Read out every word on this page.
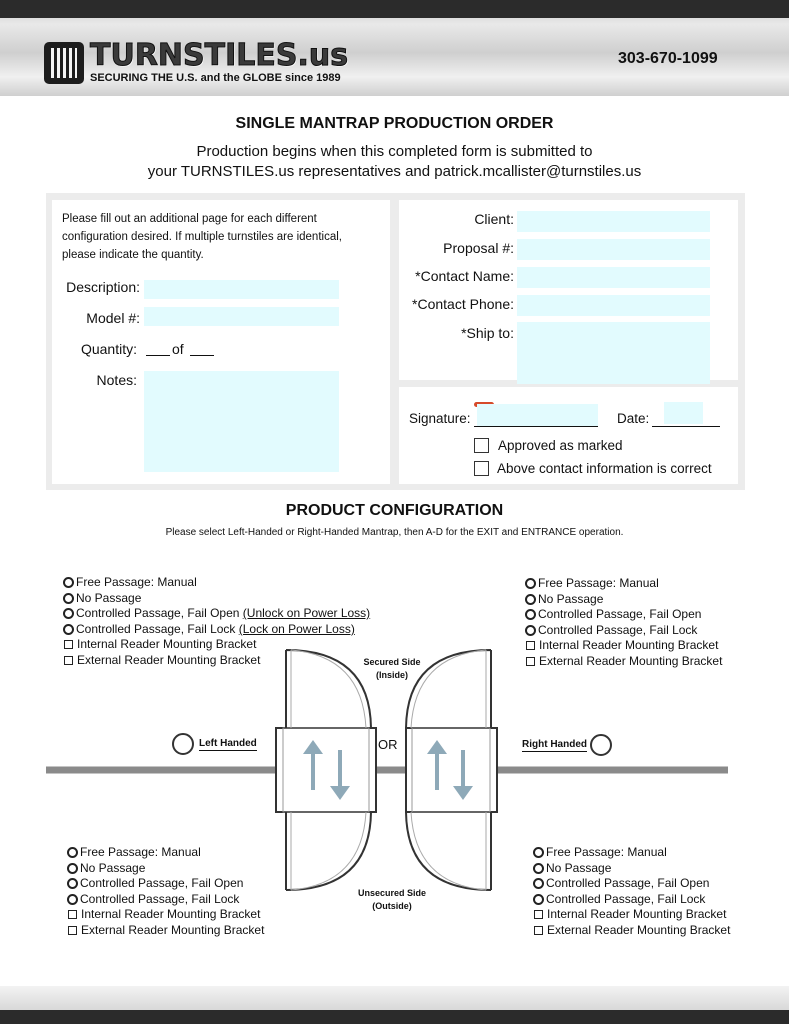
TURNSTILES.us
SECURING THE U.S. and the GLOBE since 1989
303-670-1099
SINGLE MANTRAP PRODUCTION ORDER
Production begins when this completed form is submitted to
your TURNSTILES.us representatives and patrick.mcallister@turnstiles.us
Please fill out an additional page for each different configuration desired. If multiple turnstiles are identical, please indicate the quantity.
Description:
Model #:
Quantity:	of
Notes:
Client:
Proposal #:
*Contact Name:
*Contact Phone:
*Ship to:
Signature:	Date:
Approved as marked
Above contact information is correct
PRODUCT CONFIGURATION
Please select Left-Handed or Right-Handed Mantrap, then A-D for the EXIT and ENTRANCE operation.
Free Passage: Manual
No Passage
Controlled Passage, Fail Open
(Unlock on Power Loss)
Controlled Passage, Fail Lock
(Lock on Power Loss)
Internal Reader Mounting Bracket
External Reader Mounting Bracket
Free Passage: Manual
No Passage
Controlled Passage, Fail Open
Controlled Passage, Fail Lock
Internal Reader Mounting Bracket
External Reader Mounting Bracket
Free Passage: Manual
No Passage
Controlled Passage, Fail Open
Controlled Passage, Fail Lock
Internal Reader Mounting Bracket
External Reader Mounting Bracket
Free Passage: Manual
No Passage
Controlled Passage, Fail Open
Controlled Passage, Fail Lock
Internal Reader Mounting Bracket
External Reader Mounting Bracket
Secured Side
(Inside)
Unsecured Side
(Outside)
Left Handed	OR	Right Handed
